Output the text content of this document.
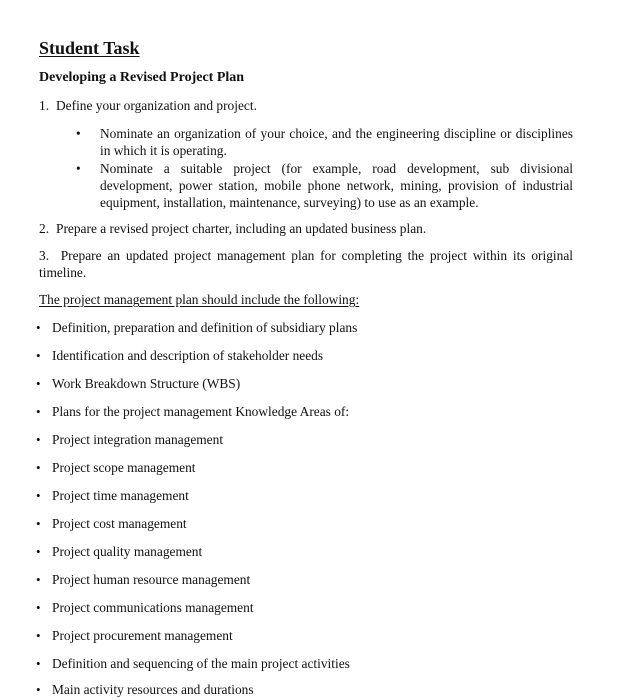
Student Task
Developing a Revised Project Plan

1. Define your organization and project.

• Nominate an organization of your choice, and the engineering discipline or disciplines in which it is operating.

• Nominate a suitable project (for example, road development, sub divisional development, power station, mobile phone network, mining, provision of industrial equipment, installation, maintenance, surveying) to use as an example.

2. Prepare a revised project charter, including an updated business plan.

3. Prepare an updated project management plan for completing the project within its original timeline.

The project management plan should include the following:

• Definition, preparation and definition of subsidiary plans
• Identification and description of stakeholder needs
• Work Breakdown Structure (WBS)
• Plans for the project management Knowledge Areas of:
• Project integration management
• Project scope management
• Project time management
• Project cost management
• Project quality management
• Project human resource management
• Project communications management
• Project procurement management
• Definition and sequencing of the main project activities
• Main activity resources and durations
